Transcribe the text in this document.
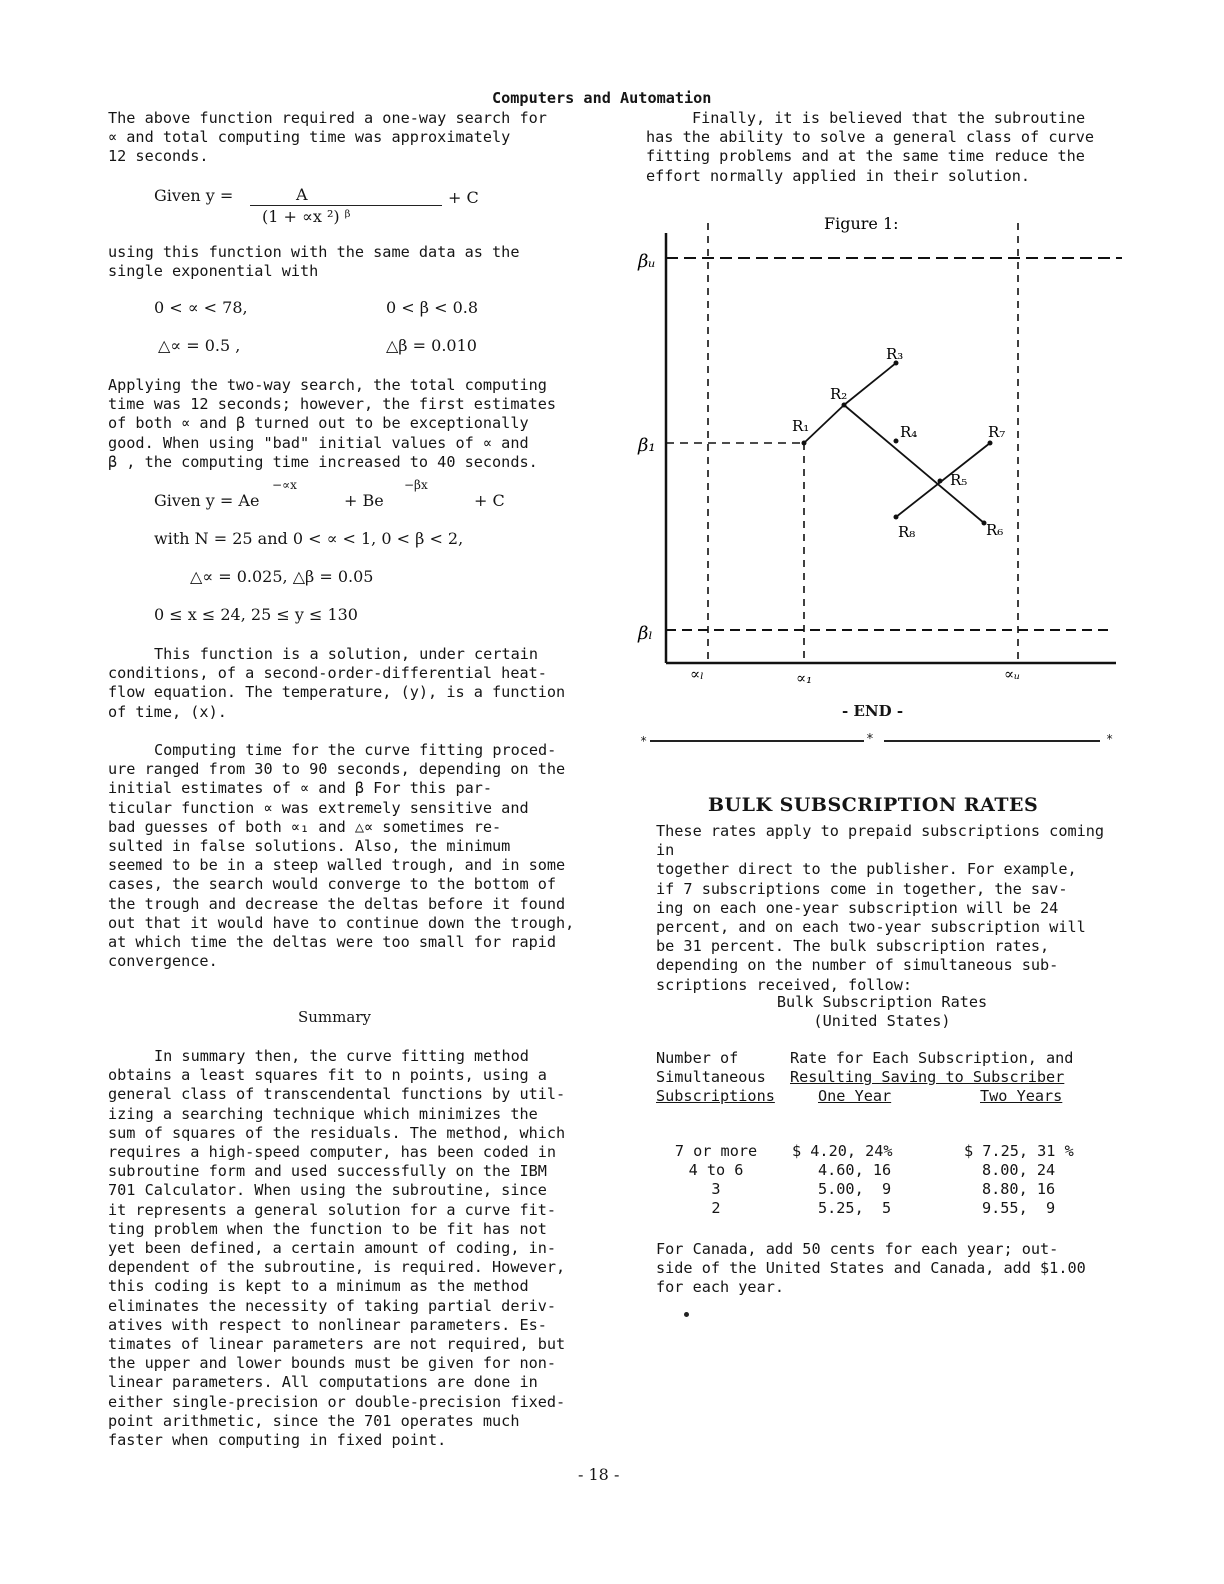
Computers and Automation

The above function required a one-way search for
∝ and total computing time was approximately
12 seconds.

Given y =	A
(1 + ∝x ²) ᵝ
+ C

using this function with the same data as the
single exponential with

0 < ∝ < 78,	0 < β < 0.8
△∝ = 0.5 ,	△β = 0.010

Applying the two-way search, the total computing
time was 12 seconds; however, the first estimates
of both ∝ and β turned out to be exceptionally
good. When using "bad" initial values of ∝ and
β , the computing time increased to 40 seconds.

Given y = Ae
−∝x
+ Be
−βx
+ C
with N = 25 and 0 < ∝ < 1, 0 < β < 2,
△∝ = 0.025, △β = 0.05
0 ≤ x ≤ 24, 25 ≤ y ≤ 130

This function is a solution, under certain
conditions, of a second-order-differential heat-
flow equation. The temperature, (y), is a function
of time, (x).

Computing time for the curve fitting proced-
ure ranged from 30 to 90 seconds, depending on the
initial estimates of ∝ and β For this par-
ticular function ∝ was extremely sensitive and
bad guesses of both ∝₁ and △∝ sometimes re-
sulted in false solutions. Also, the minimum
seemed to be in a steep walled trough, and in some
cases, the search would converge to the bottom of
the trough and decrease the deltas before it found
out that it would have to continue down the trough,
at which time the deltas were too small for rapid
convergence.

Summary

In summary then, the curve fitting method
obtains a least squares fit to n points, using a
general class of transcendental functions by util-
izing a searching technique which minimizes the
sum of squares of the residuals. The method, which
requires a high-speed computer, has been coded in
subroutine form and used successfully on the IBM
701 Calculator. When using the subroutine, since
it represents a general solution for a curve fit-
ting problem when the function to be fit has not
yet been defined, a certain amount of coding, in-
dependent of the subroutine, is required. However,
this coding is kept to a minimum as the method
eliminates the necessity of taking partial deriv-
atives with respect to nonlinear parameters. Es-
timates of linear parameters are not required, but
the upper and lower bounds must be given for non-
linear parameters. All computations are done in
either single-precision or double-precision fixed-
point arithmetic, since the 701 operates much
faster when computing in fixed point.

Finally, it is believed that the subroutine
has the ability to solve a general class of curve
fitting problems and at the same time reduce the
effort normally applied in their solution.

Figure 1:
R₁
R₂
R₃
R₄
R₅
R₆
R₇
R₈
βᵤ
β₁
βₗ
∝ₗ	∝₁	∝ᵤ
- END -
*	*	*
BULK SUBSCRIPTION RATES

These rates apply to prepaid subscriptions coming in
together direct to the publisher. For example,
if 7 subscriptions come in together, the sav-
ing on each one-year subscription will be 24
percent, and on each two-year subscription will
be 31 percent. The bulk subscription rates,
depending on the number of simultaneous sub-
scriptions received, follow:

Bulk Subscription Rates
(United States)
Number of
Simultaneous
Subscriptions
Rate for Each Subscription, and
Resulting Saving to Subscriber
One Year	Two Years
7 or more	$ 4.20, 24%	$ 7.25, 31 %
4 to 6	4.60, 16	8.00, 24
3	5.00,  9	8.80, 16
2	5.25,  5	9.55,  9

For Canada, add 50 cents for each year; out-
side of the United States and Canada, add $1.00
for each year.

- 18 -
